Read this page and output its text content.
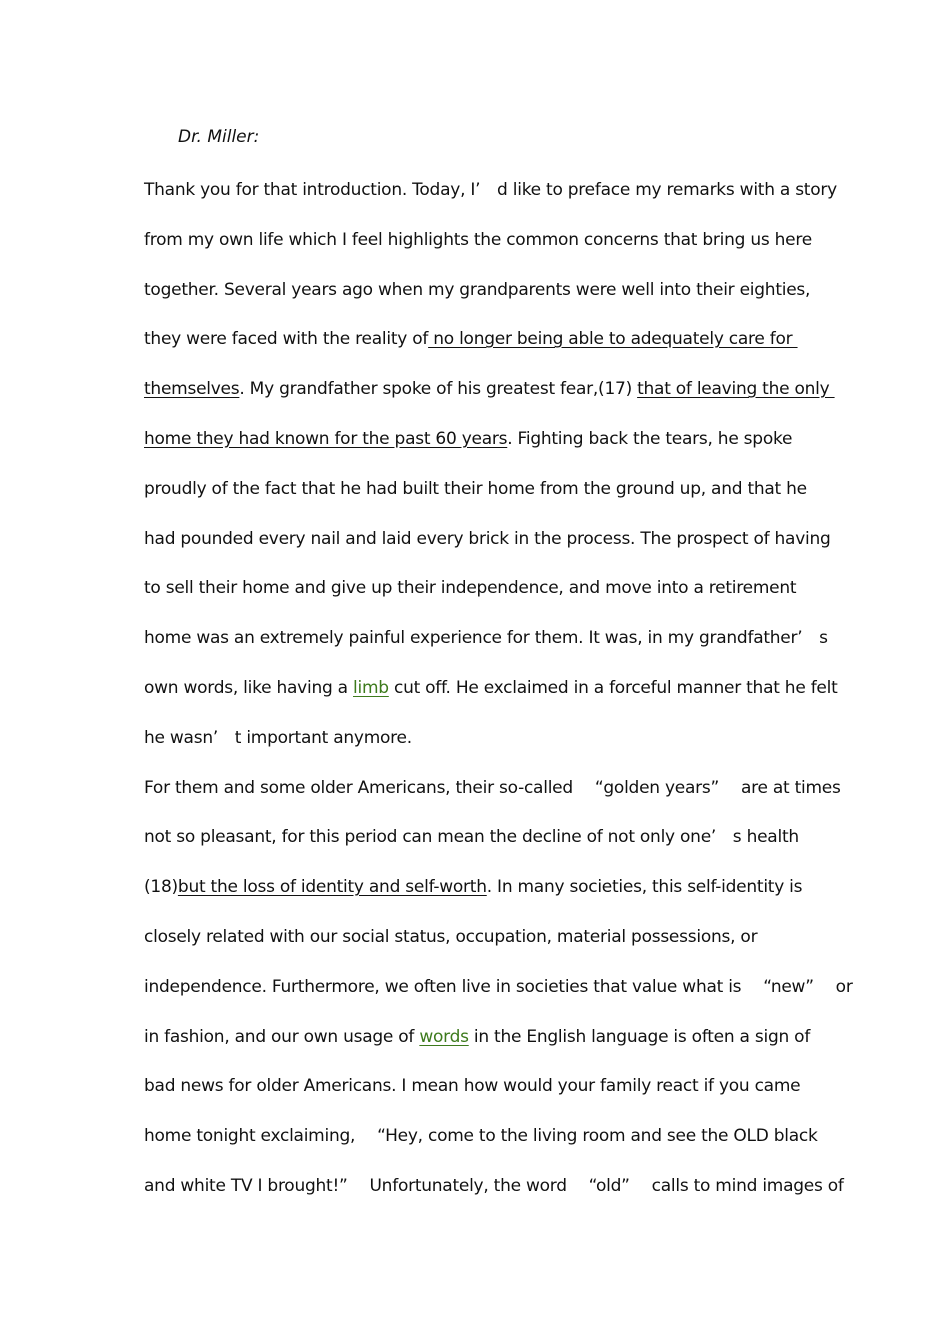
Dr. Miller:
Thank you for that introduction. Today, I’　d like to preface my remarks with a story
from my own life which I feel highlights the common concerns that bring us here
together. Several years ago when my grandparents were well into their eighties,
they were faced with the reality of no longer being able to adequately care for
themselves. My grandfather spoke of his greatest fear,(17) that of leaving the only
home they had known for the past 60 years. Fighting back the tears, he spoke
proudly of the fact that he had built their home from the ground up, and that he
had pounded every nail and laid every brick in the process. The prospect of having
to sell their home and give up their independence, and move into a retirement
home was an extremely painful experience for them. It was, in my grandfather’　s
own words, like having a limb cut off. He exclaimed in a forceful manner that he felt
he wasn’　t important anymore.
For them and some older Americans, their so-called 　“golden years”　 are at times
not so pleasant, for this period can mean the decline of not only one’　s health
(18)but the loss of identity and self-worth. In many societies, this self-identity is
closely related with our social status, occupation, material possessions, or
independence. Furthermore, we often live in societies that value what is 　“new”　 or
in fashion, and our own usage of words in the English language is often a sign of
bad news for older Americans. I mean how would your family react if you came
home tonight exclaiming, 　“Hey, come to the living room and see the OLD black
and white TV I brought!”　 Unfortunately, the word 　“old”　 calls to mind images of
